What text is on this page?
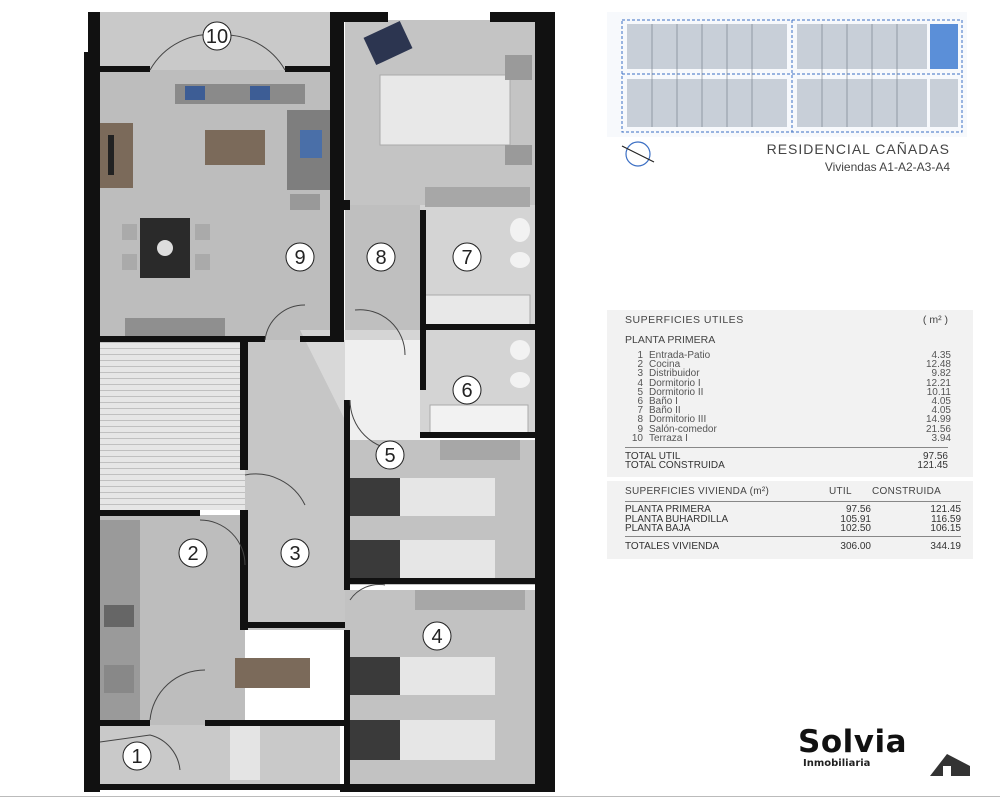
10
9	8	7
6
5
2	3
4
1
RESIDENCIAL CAÑADAS
Viviendas A1-A2-A3-A4
SUPERFICIES UTILES	( m² )
PLANTA PRIMERA
1 Entrada-Patio	4.35
2 Cocina	12.48
3 Distribuidor	9.82
4 Dormitorio I	12.21
5 Dormitorio II	10.11
6 Baño I	4.05
7 Baño II	4.05
8 Dormitorio III	14.99
9 Salón-comedor	21.56
10 Terraza I	3.94
TOTAL UTIL	97.56
TOTAL CONSTRUIDA	121.45
SUPERFICIES VIVIENDA (m²)	UTIL CONSTRUIDA
PLANTA PRIMERA	97.56	121.45
PLANTA BUHARDILLA	105.91	116.59
PLANTA BAJA	102.50	106.15
TOTALES VIVIENDA	306.00	344.19
Solvia
Inmobiliaria
